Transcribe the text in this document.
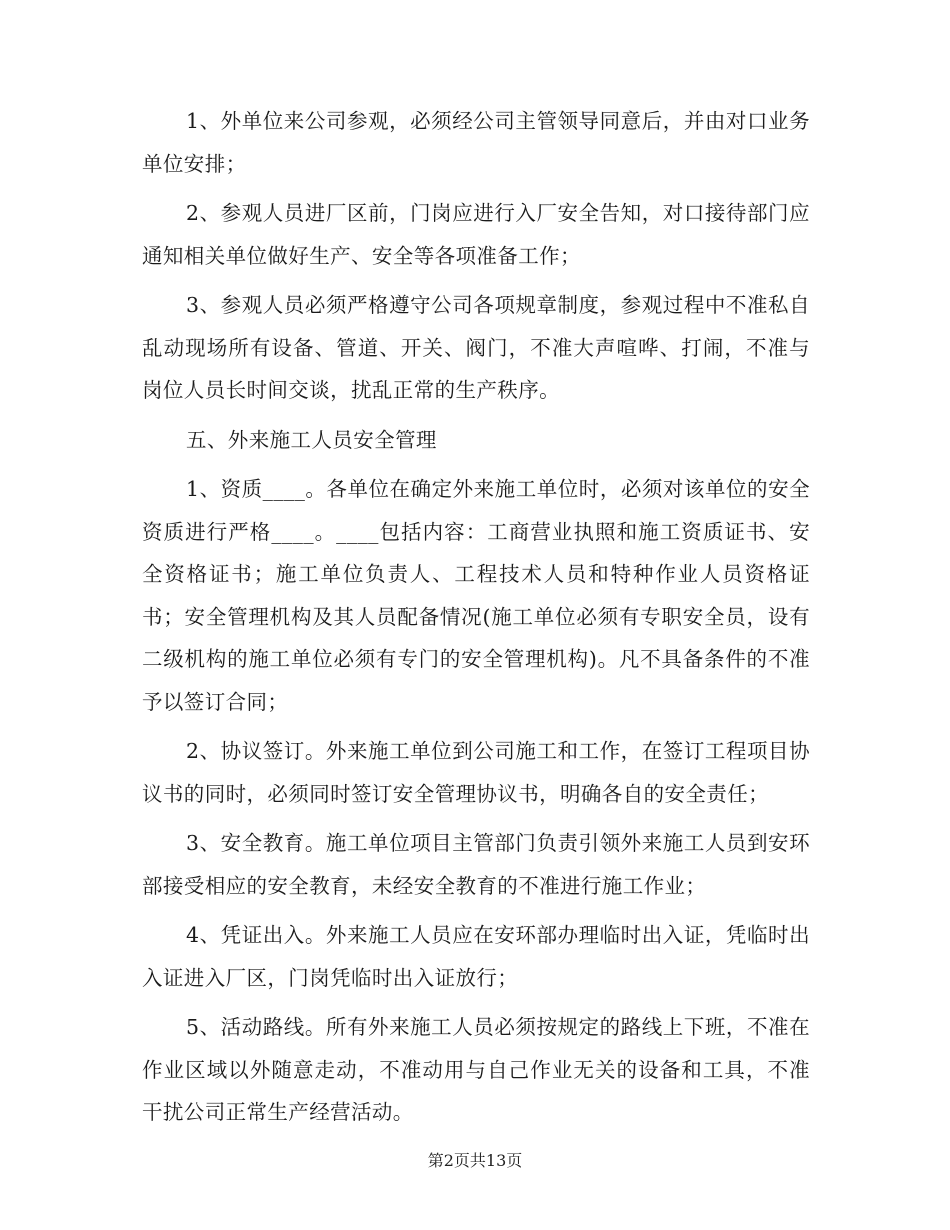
1、外单位来公司参观，必须经公司主管领导同意后，并由对口业务单位安排；

2、参观人员进厂区前，门岗应进行入厂安全告知，对口接待部门应通知相关单位做好生产、安全等各项准备工作；

3、参观人员必须严格遵守公司各项规章制度，参观过程中不准私自乱动现场所有设备、管道、开关、阀门，不准大声喧哗、打闹，不准与岗位人员长时间交谈，扰乱正常的生产秩序。

五、外来施工人员安全管理

1、资质____。各单位在确定外来施工单位时，必须对该单位的安全资质进行严格____。____包括内容：工商营业执照和施工资质证书、安全资格证书；施工单位负责人、工程技术人员和特种作业人员资格证书；安全管理机构及其人员配备情况(施工单位必须有专职安全员，设有二级机构的施工单位必须有专门的安全管理机构)。凡不具备条件的不准予以签订合同；

2、协议签订。外来施工单位到公司施工和工作，在签订工程项目协议书的同时，必须同时签订安全管理协议书，明确各自的安全责任；

3、安全教育。施工单位项目主管部门负责引领外来施工人员到安环部接受相应的安全教育，未经安全教育的不准进行施工作业；

4、凭证出入。外来施工人员应在安环部办理临时出入证，凭临时出入证进入厂区，门岗凭临时出入证放行；

5、活动路线。所有外来施工人员必须按规定的路线上下班，不准在作业区域以外随意走动，不准动用与自己作业无关的设备和工具，不准干扰公司正常生产经营活动。

第2页共13页
